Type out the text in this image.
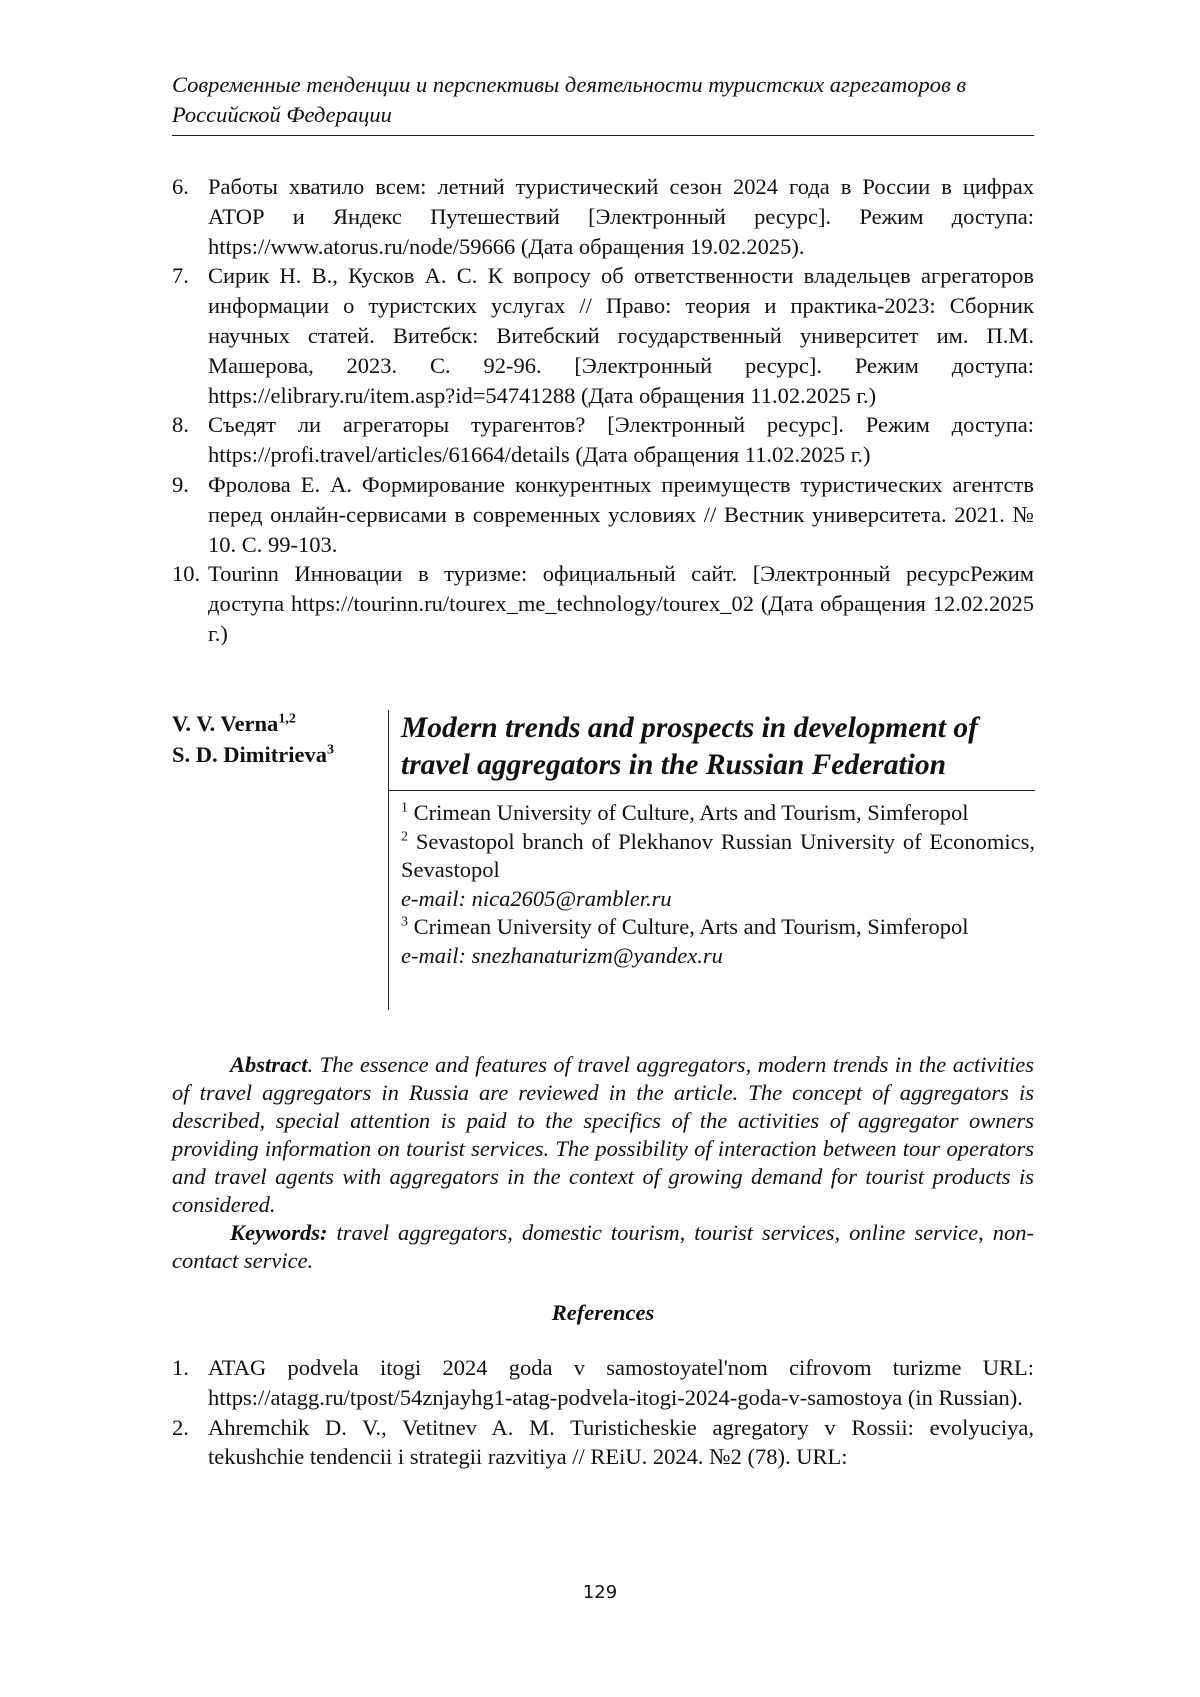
Современные тенденции и перспективы деятельности туристских агрегаторов в Российской Федерации
6. Работы хватило всем: летний туристический сезон 2024 года в России в цифрах АТОР и Яндекс Путешествий [Электронный ресурс]. Режим доступа: https://www.atorus.ru/node/59666 (Дата обращения 19.02.2025).
7. Сирик Н. В., Кусков А. С. К вопросу об ответственности владельцев агрегаторов информации о туристских услугах // Право: теория и практика-2023: Сборник научных статей. Витебск: Витебский государственный университет им. П.М. Машерова, 2023. С. 92-96. [Электронный ресурс]. Режим доступа: https://elibrary.ru/item.asp?id=54741288 (Дата обращения 11.02.2025 г.)
8. Съедят ли агрегаторы турагентов? [Электронный ресурс]. Режим доступа: https://profi.travel/articles/61664/details (Дата обращения 11.02.2025 г.)
9. Фролова Е. А. Формирование конкурентных преимуществ туристических агентств перед онлайн-сервисами в современных условиях // Вестник университета. 2021. № 10. С. 99-103.
10. Tourinn Инновации в туризме: официальный сайт. [Электронный ресурсРежим доступа https://tourinn.ru/tourex_me_technology/tourex_02 (Дата обращения 12.02.2025 г.)
V. V. Verna$^{1,2}$
S. D. Dimitrieva$^3$
Modern trends and prospects in development of travel aggregators in the Russian Federation

$^1$ Crimean University of Culture, Arts and Tourism, Simferopol

$^2$ Sevastopol branch of Plekhanov Russian University of Economics, Sevastopol

e-mail: nica2605@rambler.ru

$^3$ Crimean University of Culture, Arts and Tourism, Simferopol

e-mail: snezhanaturizm@yandex.ru

Abstract. The essence and features of travel aggregators, modern trends in the activities of travel aggregators in Russia are reviewed in the article. The concept of aggregators is described, special attention is paid to the specifics of the activities of aggregator owners providing information on tourist services. The possibility of interaction between tour operators and travel agents with aggregators in the context of growing demand for tourist products is considered.

Keywords: travel aggregators, domestic tourism, tourist services, online service, non-contact service.

References
1. ATAG podvela itogi 2024 goda v samostoyatel'nom cifrovom turizme URL: https://atagg.ru/tpost/54znjayhg1-atag-podvela-itogi-2024-goda-v-samostoya (in Russian).
2. Ahremchik D. V., Vetitnev A. M. Turisticheskie agregatory v Rossii: evolyuciya, tekushchie tendencii i strategii razvitiya // REiU. 2024. №2 (78). URL:
129
